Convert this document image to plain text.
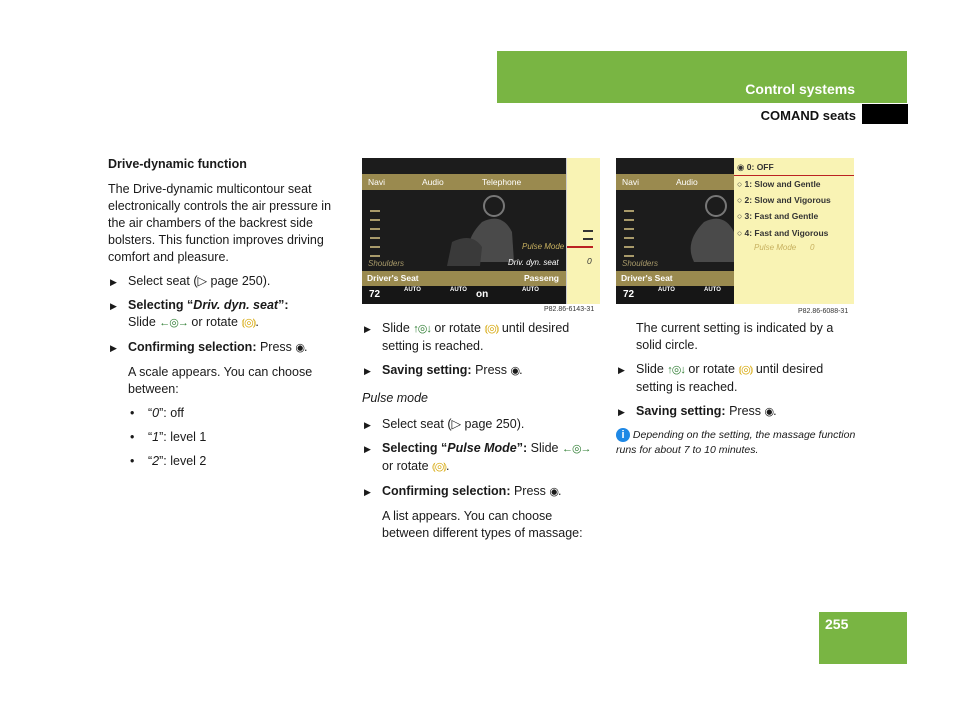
Control systems
COMAND seats
Drive-dynamic function

The Drive-dynamic multicontour seat electronically controls the air pressure in the air chambers of the backrest side bolsters. This function improves driving comfort and pleasure.

▶ Select seat (▷ page 250).
▶ Selecting “Driv. dyn. seat”:
Slide ←◎→ or rotate ⦅◎⦆.
▶ Confirming selection: Press ◉.
A scale appears. You can choose between:
• “0”: off
• “1”: level 1
• “2”: level 2
Navi	Audio	Telephone
Shoulders
Pulse Mode
Driv. dyn. seat	0
Driver's Seat	Passeng
72	AUTO	AUTO on	AUTO
P82.86-6143-31
▶ Slide ↑◎↓ or rotate ⦅◎⦆ until desired setting is reached.
▶ Saving setting: Press ◉.
Pulse mode
▶ Select seat (▷ page 250).
▶ Selecting “Pulse Mode”: Slide ←◎→
or rotate ⦅◎⦆.
▶ Confirming selection: Press ◉.
A list appears. You can choose between different types of massage:
Navi	Audio
Shoulders
◉ 0: OFF
○ 1: Slow and Gentle
○ 2: Slow and Vigorous
○ 3: Fast and Gentle
○ 4: Fast and Vigorous
Pulse Mode 0
Driver's Seat
72	AUTO	AUTO
P82.86-6088-31
The current setting is indicated by a solid circle.
▶ Slide ↑◎↓ or rotate ⦅◎⦆ until desired setting is reached.
▶ Saving setting: Press ◉.
i Depending on the setting, the massage function runs for about 7 to 10 minutes.
255
